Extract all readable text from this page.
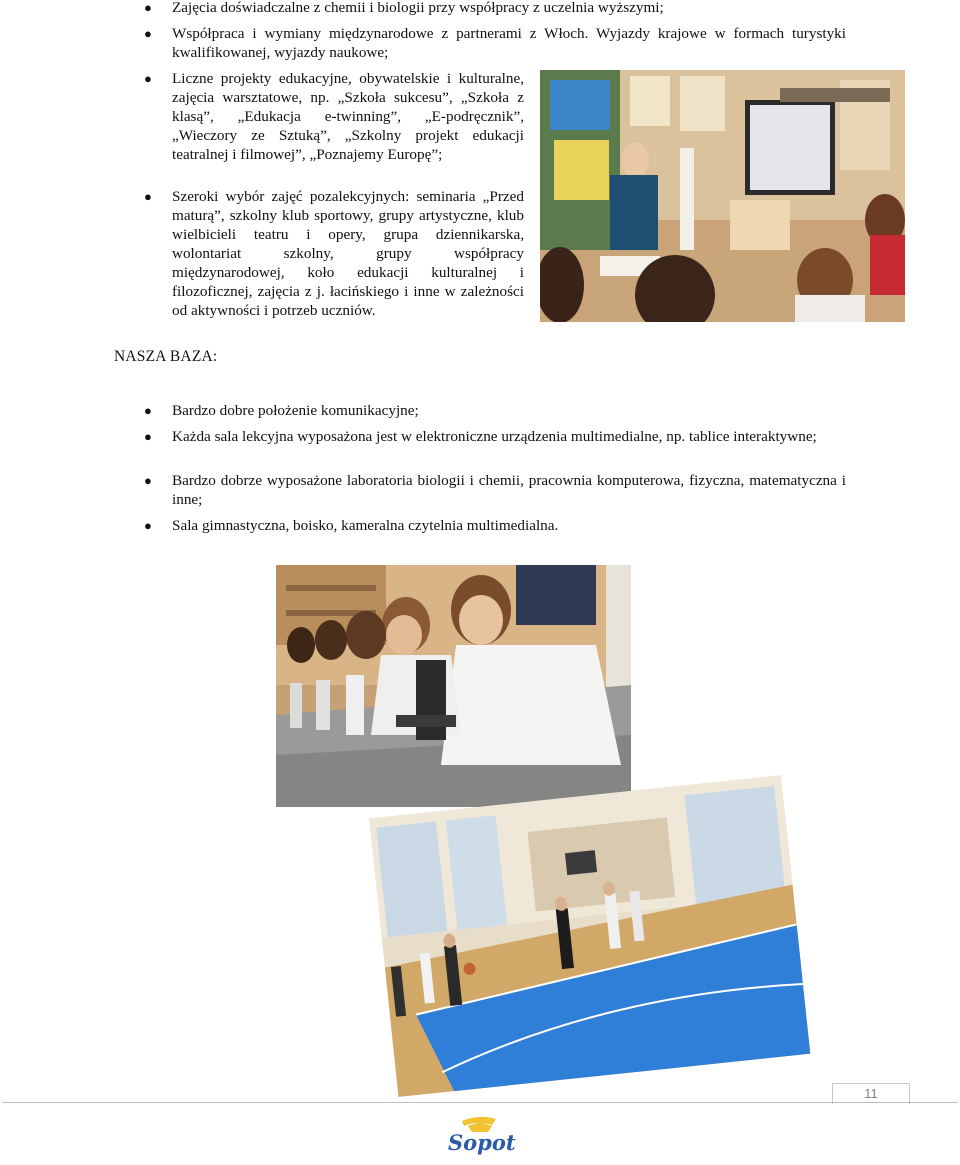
● Zajęcia doświadczalne z chemii i biologii przy współpracy z uczelnia wyższymi;
● Współpraca i wymiany międzynarodowe z partnerami z Włoch. Wyjazdy krajowe w formach turystyki kwalifikowanej, wyjazdy naukowe;
● Liczne projekty edukacyjne, obywatelskie i kulturalne, zajęcia warsztatowe, np. „Szkoła sukcesu”, „Szkoła z klasą”, „Edukacja e-twinning”, „E-podręcznik”, „Wieczory ze Sztuką”, „Szkolny projekt edukacji teatralnej i filmowej”, „Poznajemy Europę”;
● Szeroki wybór zajęć pozalekcyjnych: seminaria „Przed maturą”, szkolny klub sportowy, grupy artystyczne, klub wielbicieli teatru i opery, grupa dziennikarska, wolontariat szkolny, grupy współpracy międzynarodowej, koło edukacji kulturalnej i filozoficznej, zajęcia z j. łacińskiego i inne w zależności od aktywności i potrzeb uczniów.
NASZA BAZA:
● Bardzo dobre położenie komunikacyjne;
● Każda sala lekcyjna wyposażona jest w elektroniczne urządzenia multimedialne, np. tablice interaktywne;
● Bardzo dobrze wyposażone laboratoria biologii i chemii, pracownia komputerowa, fizyczna, matematyczna i inne;
● Sala gimnastyczna, boisko, kameralna czytelnia multimedialna.
11
Sopot
